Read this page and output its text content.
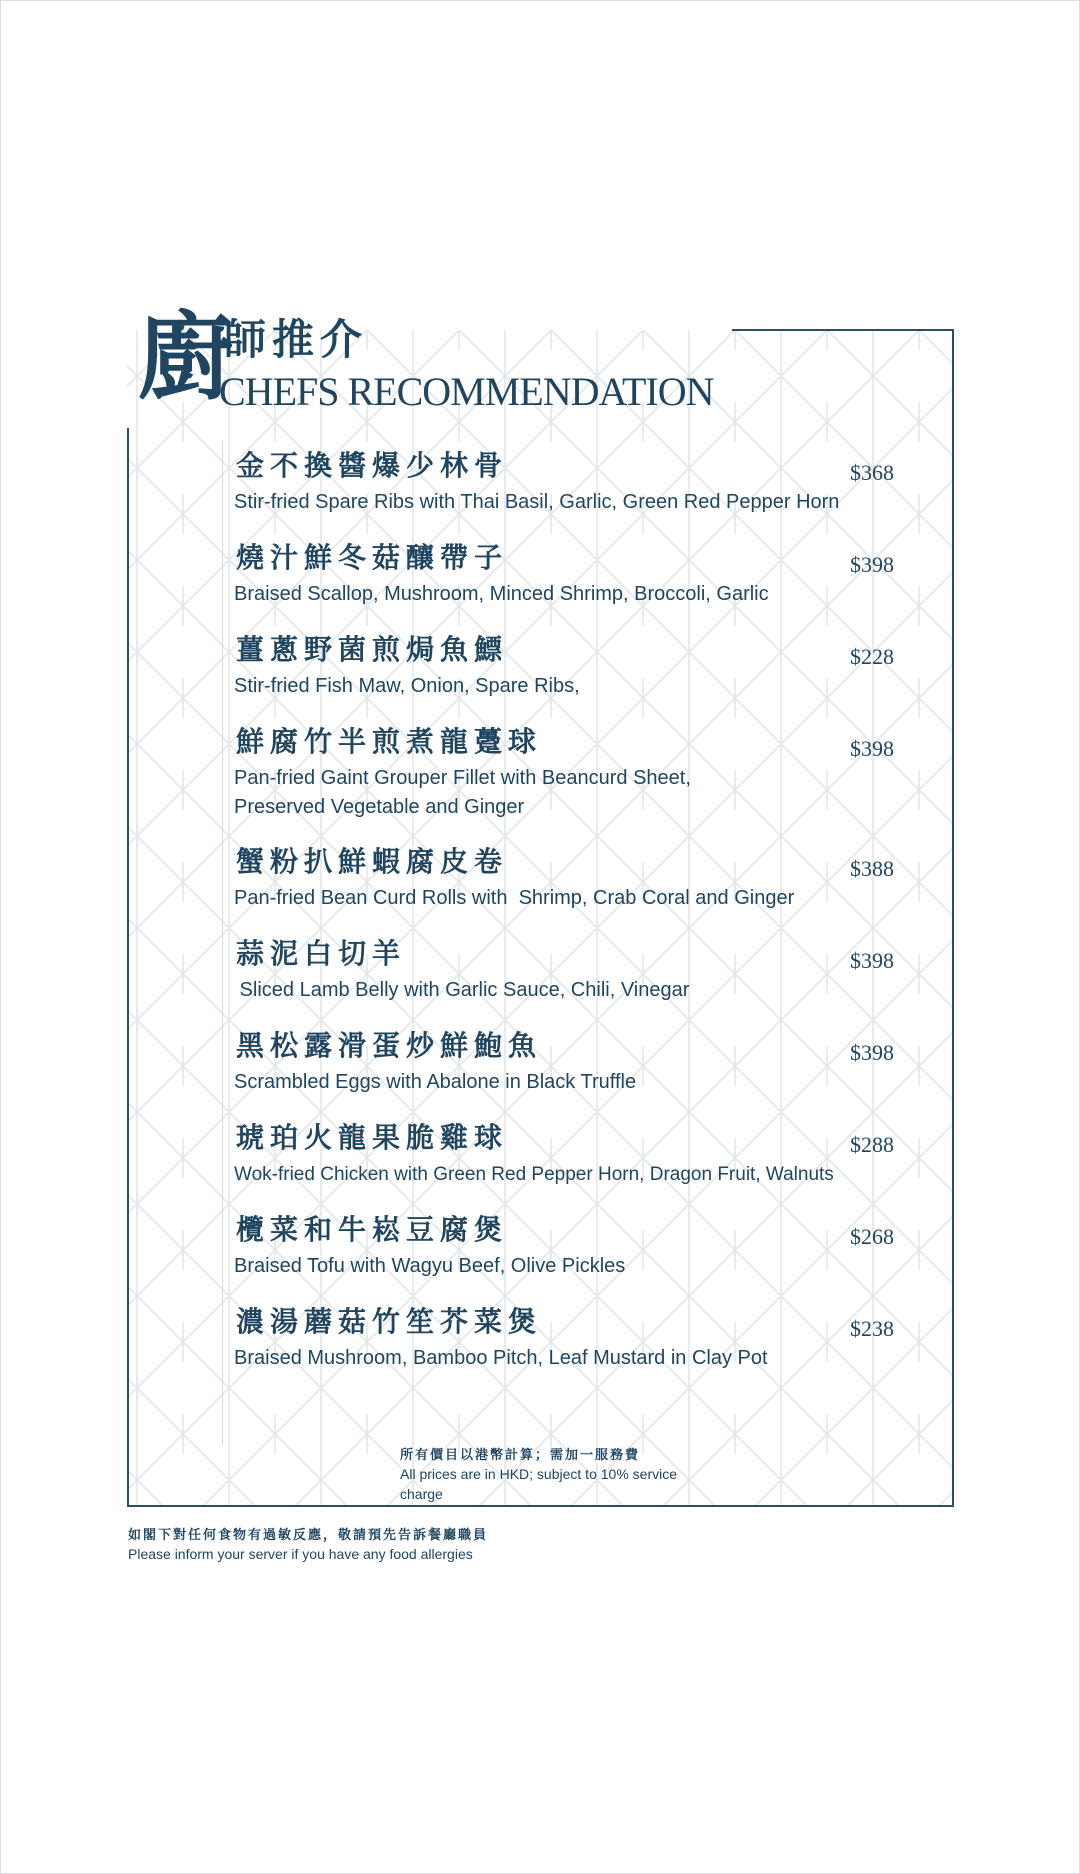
廚
師推介
CHEFS RECOMMENDATION
金不換醬爆少林骨	$368
Stir-fried Spare Ribs with Thai Basil, Garlic, Green Red Pepper Horn
燒汁鮮冬菇釀帶子	$398
Braised Scallop, Mushroom, Minced Shrimp, Broccoli, Garlic
薑蔥野菌煎焗魚鰾	$228
Stir-fried Fish Maw, Onion, Spare Ribs,
鮮腐竹半煎煮龍躉球	$398
Pan-fried Gaint Grouper Fillet with Beancurd Sheet,
Preserved Vegetable and Ginger
蟹粉扒鮮蝦腐皮卷	$388
Pan-fried Bean Curd Rolls with  Shrimp, Crab Coral and Ginger
蒜泥白切羊	$398
Sliced Lamb Belly with Garlic Sauce, Chili, Vinegar
黑松露滑蛋炒鮮鮑魚	$398
Scrambled Eggs with Abalone in Black Truffle
琥珀火龍果脆雞球	$288
Wok-fried Chicken with Green Red Pepper Horn, Dragon Fruit, Walnuts
欖菜和牛崧豆腐煲	$268
Braised Tofu with Wagyu Beef, Olive Pickles
濃湯蘑菇竹笙芥菜煲	$238
Braised Mushroom, Bamboo Pitch, Leaf Mustard in Clay Pot
所有價目以港幣計算；需加一服務費
All prices are in HKD; subject to 10% service charge
如閣下對任何食物有過敏反應，敬請預先告訴餐廳職員
Please inform your server if you have any food allergies
